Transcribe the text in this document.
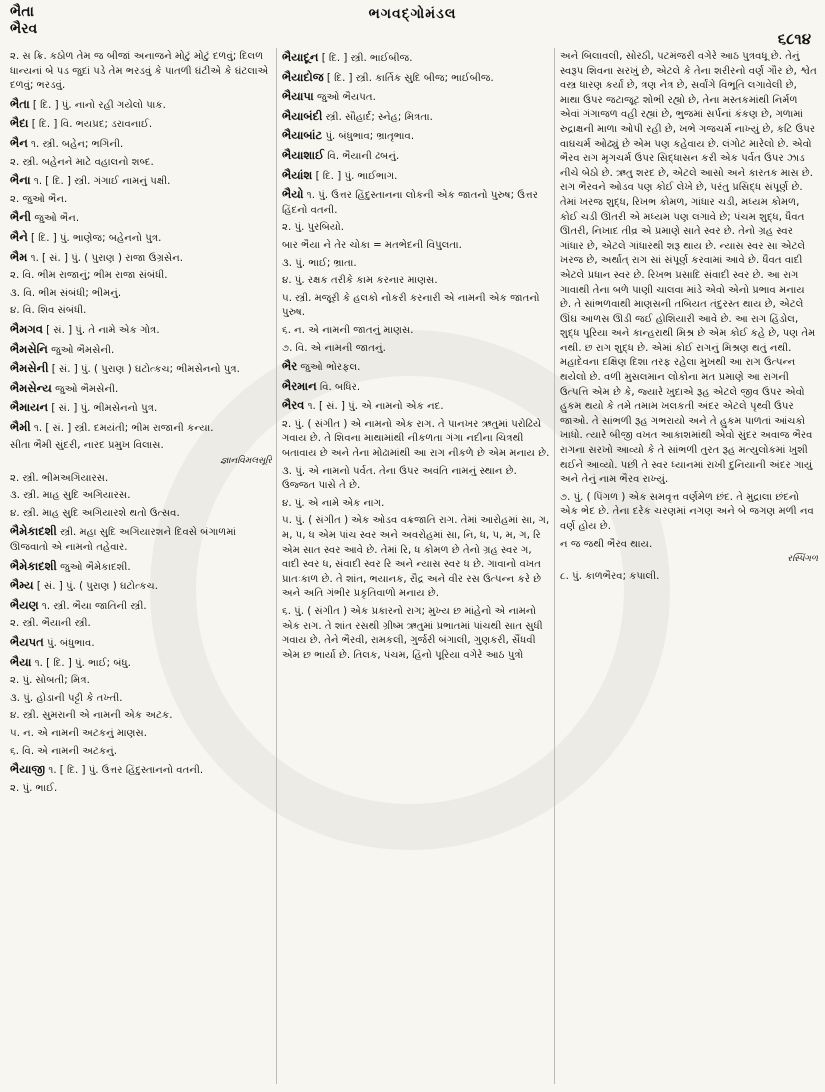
ભૈતા
ભૈરવ
ભગવદ્ગોમંડલ
૬૮૧૪
૨. સ ક્રિ. કઠોળ તેમ જ બીજાં અનાજને મોટું મોટું દળવું; દિલળ ધાન્યનાં બે પડ જુદાં પડે તેમ ભરડવું કે પાતળી ઘંટીએ કે ઘંટલાએ દળવું; ભરડવું.
ભૈતા [ દિ. ] પું. નાનો રહી ગયેલો પાક.
ભૈદા [ દિ. ] વિ. ભયપ્રદ; ડરાવનાઈ.
ભૈન ૧. સ્ત્રી. બહેન; ભગિની.
૨. સ્ત્રી. બહેનને માટે વહાલનો શબ્દ.
ભૈના ૧. [ દિ. ] સ્ત્રી. ગંગાઈ નામનું પક્ષી.
૨. જુઓ ભૈન.
ભૈની જુઓ ભૈન.
ભૈને [ દિ. ] પું. ભાણેજ; બહેનનો પુત્ર.
ભૈમ ૧. [ સં. ] પું. ( પુરાણ ) રાજા ઉગ્રસેન.
૨. વિ. ભીમ રાજાનું; ભીમ રાજા સંબંધી.
૩. વિ. ભીમ સંબંધી; ભીમનું.
૪. વિ. શિવ સંબંધી.
ભૈમગવ [ સં. ] પું. તે નામે એક ગોત્ર.
ભૈમસેનિ જુઓ ભૈમસેની.
ભૈમસેની [ સં. ] પું. ( પુરાણ ) ઘટોત્કચ; ભીમસેનનો પુત્ર.
ભૈમસેન્ય જુઓ ભૈમસેની.
ભૈમાયન [ સં. ] પું. ભીમસેનનો પુત્ર.
ભૈમી ૧. [ સં. ] સ્ત્રી. દમયંતી; ભીમ રાજાની કન્યા.
સીતા ભૈમી સુંદરી, નારદ પ્રમુખ વિલાસ.
જ્ઞાનવિમલસૂરિ
૨. સ્ત્રી. ભીમઅગિયારસ.
૩. સ્ત્રી. માહ સુદિ અગિયારસ.
૪. સ્ત્રી. માહ સુદિ અગિયારશે થતો ઉત્સવ.
ભૈમેકાદશી સ્ત્રી. મહા સુદિ અગિયારશને દિવસે બંગાળમાં ઊજવાતો એ નામનો તહેવાર.
ભૈમેકાદશી જુઓ ભૈમેકાદશી.
ભૈમ્ય [ સં. ] પું. ( પુરાણ ) ઘટોત્કચ.
ભૈયણ ૧. સ્ત્રી. ભૈયા જાતિની સ્ત્રી.
૨. સ્ત્રી. ભૈયાની સ્ત્રી.
ભૈયપત પું. બંધુભાવ.
ભૈયા ૧. [ દિ. ] પું. ભાઈ; બંધુ.
૨. પું. સોબતી; મિત્ર.
૩. પું. હોડાની પટ્ટી કે તખ્તી.
૪. સ્ત્રી. સુમરાની એ નામની એક અટક.
૫. ન. એ નામની અટકનું માણસ.
૬. વિ. એ નામની અટકનું.
ભૈયાજી ૧. [ દિ. ] પું. ઉત્તર હિંદુસ્તાનનો વતની.
૨. પું. ભાઈ.
ભૈયાદૂન [ દિ. ] સ્ત્રી. ભાઈબીજ.
ભૈયાદોજ [ દિ. ] સ્ત્રી. કાર્તિક સુદિ બીજ; ભાઈબીજ.
ભૈયાપા જુઓ ભૈયપત.
ભૈયાબંદી સ્ત્રી. સૌહાર્દ; સ્નેહ; મિત્રતા.
ભૈયાબાંટ પું. બંધુભાવ; ભ્રાતૃભાવ.
ભૈયાશાઈ વિ. ભૈયાની ઢબનું.
ભૈયાંશ [ દિ. ] પું. ભાઈભાગ.
ભૈયો ૧. પું. ઉત્તર હિંદુસ્તાનના લોકની એક જાતનો પુરુષ; ઉત્તર હિંદનો વતની.
૨. પું. પુરબિયો.
બાર ભૈયા ને તેર ચોકા = મતભેદની વિપુલતા.
૩. પું. ભાઈ; ભ્રાતા.
૪. પું. રક્ષક તરીકે કામ કરનાર માણસ.
૫. સ્ત્રી. મજૂરી કે હલકો નોકરી કરનારી એ નામની એક જાતનો પુરુષ.
૬. ન. એ નામની જાતનું માણસ.
૭. વિ. એ નામની જાતનું.
ભૈર જુઓ ભોરફલ.
ભૈરમાન વિ. બધિર.
ભૈરવ ૧. [ સં. ] પું. એ નામનો એક નદ.
૨. પું. ( સંગીત ) એ નામનો એક રાગ. તે પાનખર ઋતુમાં પરોઢિયે ગવાય છે. તે શિવના માથામાંથી નીકળતા ગંગા નદીના ચિત્રથી બતાવાય છે અને તેના મોઢામાંથી આ રાગ નીકળે છે એમ મનાય છે.
૩. પું. એ નામનો પર્વત. તેના ઉપર અવંતિ નામનું સ્થાન છે. ઉજ્જત પાસે તે છે.
૪. પું. એ નામે એક નાગ.
૫. પું. ( સંગીત ) એક ઓડવ વક્રજાતિ રાગ. તેમાં આરોહમાં સા, ગ, મ, પ, ધ એમ પાંચ સ્વર અને અવરોહમાં સા, નિ, ધ, પ, મ, ગ, રિ એમ સાત સ્વર આવે છે. તેમાં રિ, ધ કોમળ છે તેનો ગ્રહ સ્વર ગ, વાદી સ્વર ધ, સંવાદી સ્વર રિ અને ન્યાસ સ્વર ધ છે. ગાવાનો વખત પ્રાતઃકાળ છે. તે શાંત, ભયાનક, રૌદ્ર અને વીર રસ ઉત્પન્ન કરે છે અને અતિ ગંભીર પ્રકૃતિવાળો મનાય છે.
૬. પું. ( સંગીત ) એક પ્રકારનો રાગ; મુખ્ય છ માંહેનો એ નામનો એક રાગ. તે શાંત રસથી ગ્રીષ્મ ઋતુમાં પ્રભાતમાં પાંચથી સાત સુધી ગવાય છે. તેને ભૈરવી, રામકલી, ગુર્જરી બંગાલી, ગુણકરી, સૈંધવી એમ છ ભાર્યા છે. તિલક, પંચમ, હિંનો પૂરિયા વગેરે આઠ પુત્રો
અને બિલાવલી, સોરઠી, પટમંજરી વગેરે આઠ પુત્રવધૂ છે. તેનું સ્વરૂપ શિવના સરખું છે, એટલે કે તેના શરીરનો વર્ણ ગૌર છે, શ્વેત વસ્ત્ર ધારણ કર્યાં છે, ત્રણ નેત્ર છે, સર્વાંગે વિભૂતિ લગાવેલી છે, માથા ઉપર જટાજૂટ શોભી રહ્યો છે, તેના મસ્તકમાંથી નિર્મળ એવાં ગંગાજળ વહી રહ્યાં છે, ભુજમાં સર્પનાં કંકણ છે, ગળામાં રુદ્રાક્ષની માળા ઓપી રહી છે, ખભે ગજચર્મ નાખ્યું છે, કટિ ઉપર વાઘચર્મ ઓઢ્યું છે એમ પણ કહેવાય છે. લંગોટ મારેલો છે. એવો ભૈરવ રાગ મૃગચર્મ ઉપર સિદ્ધાસન કરી એક પર્વત ઉપર ઝાડ નીચે બેઠો છે. ઋતુ શરદ છે, એટલે આસો અને કારતક માસ છે. રાગ ભૈરવને ઓડવ પણ કોઈ લેખે છે, પરંતુ પ્રસિદ્ધ સંપૂર્ણ છે. તેમાં ખરજ શુદ્ધ, રિખભ કોમળ, ગાંધાર ચડી, મધ્યમ કોમળ, કોઈ ચડી ઊતરી એ મધ્યમ પણ લગાવે છે; પંચમ શુદ્ધ, ધૈવત ઊતરી, નિખાદ તીવ્ર એ પ્રમાણે સાતે સ્વર છે. તેનો ગ્રહ સ્વર ગાંધાર છે, એટલે ગાંધારથી શરૂ થાય છે. ન્યાસ સ્વર સા એટલે ખરજ છે, અર્થાત્ રાગ સાં સંપૂર્ણ કરવામાં આવે છે. ધૈવત વાદી એટલે પ્રધાન સ્વર છે. રિખભ પ્રસાદિ સંવાદી સ્વર છે. આ રાગ ગાવાથી તેના બળે પાણી ચાલવા માંડે એવો એનો પ્રભાવ મનાય છે. તે સાંભળવાથી માણસની તબિયત તંદુરસ્ત થાય છે, એટલે ઊંઘ આળસ ઊડી જઈ હોશિયારી આવે છે. આ રાગ હિંડોલ, શુદ્ધ પૂરિયા અને કાન્હરાથી મિશ્ર છે એમ કોઈ કહે છે, પણ તેમ નથી. છ રાગ શુદ્ધ છે. એમાં કોઈ રાગનું મિશ્રણ થતું નથી. મહાદેવના દક્ષિણ દિશા તરફ રહેલા મુખથી આ રાગ ઉત્પન્ન થયેલો છે. વળી મુસલમાન લોકોના મત પ્રમાણે આ રાગની ઉત્પત્તિ એમ છે કે, જ્યારે ખુદાએ રૂહ એટલે જીવ ઉપર એવો હુકમ થયો કે તમે તમામ ખલકતી અંદર એટલે પૃથ્વી ઉપર જાઓ. તે સાંભળી રૂહ ગભરાયો અને તે હુકમ પાળતાં આંચકો ખાધો. ત્યારે બીજી વખત આકાશમાંથી એવો સુંદર અવાજ ભૈરવ રાગના સરખો આવ્યો કે તે સાંભળી તુરત રૂહ મત્યુલોકમાં ખુશી થઈને આવ્યો. પછી તે સ્વર ધ્યાનમાં રાખી દુનિયાની અંદર ગાયું અને તેનું નામ ભૈરવ રાખ્યું.
૭. પું. ( પિંગળ ) એક સમવૃત્ત વર્ણમેળ છંદ. તે મુદ્રાલા છંદનો એક ભેદ છે. તેના દરેક ચરણમાં નગણ અને બે જગણ મળી નવ વર્ણ હોય છે.
ન જ જથી ભૈરવ થાય.
રસ્પિંગળ
૮. પું. કાળભૈરવ; કપાલી.
